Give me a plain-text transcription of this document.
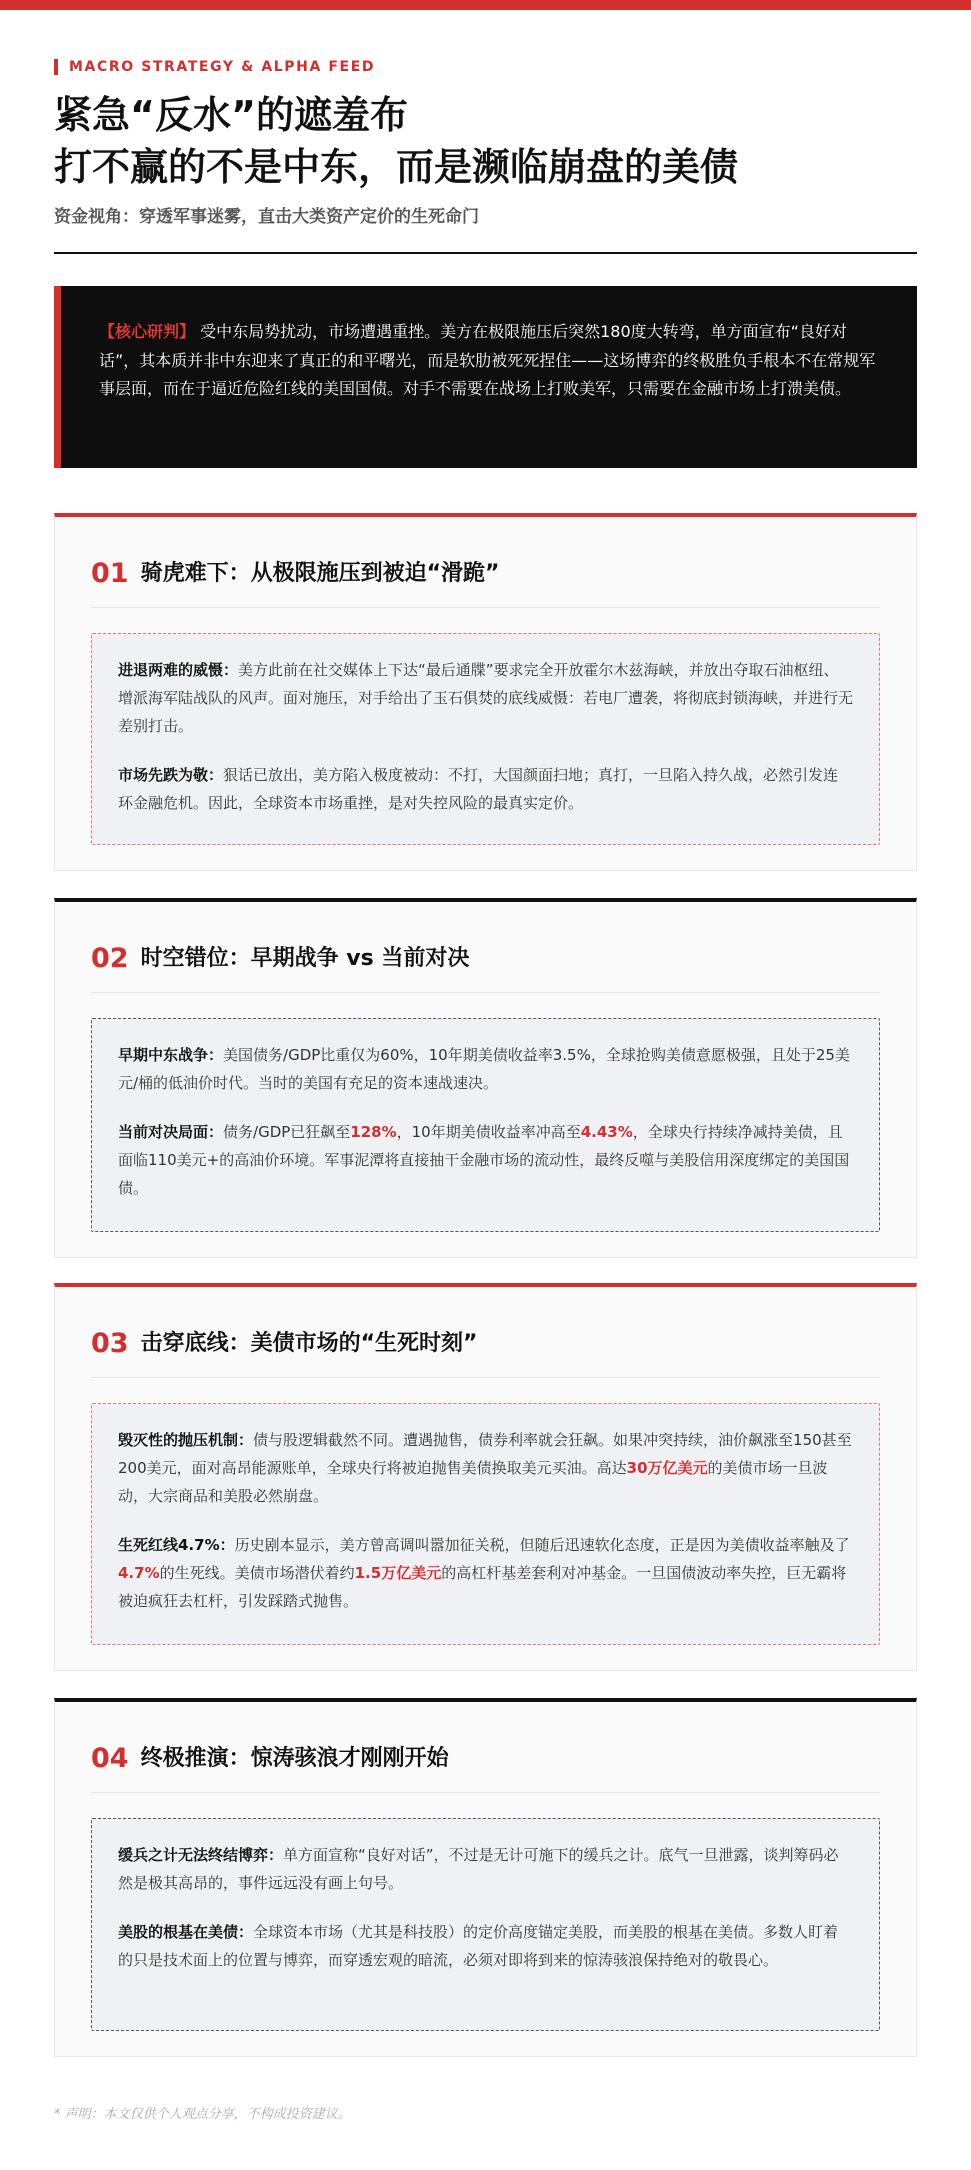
MACRO STRATEGY & ALPHA FEED
紧急“反水”的遮羞布
打不赢的不是中东，而是濒临崩盘的美债
资金视角：穿透军事迷雾，直击大类资产定价的生死命门
【核心研判】 受中东局势扰动，市场遭遇重挫。美方在极限施压后突然180度大转弯，单方面宣布“良好对话”，其本质并非中东迎来了真正的和平曙光，而是软肋被死死捏住——这场博弈的终极胜负手根本不在常规军事层面，而在于逼近危险红线的美国国债。对手不需要在战场上打败美军，只需要在金融市场上打溃美债。
01 骑虎难下：从极限施压到被迫“滑跪”

进退两难的威慑：美方此前在社交媒体上下达“最后通牒”要求完全开放霍尔木兹海峡，并放出夺取石油枢纽、增派海军陆战队的风声。面对施压，对手给出了玉石俱焚的底线威慑：若电厂遭袭，将彻底封锁海峡，并进行无差别打击。

市场先跌为敬：狠话已放出，美方陷入极度被动：不打，大国颜面扫地；真打，一旦陷入持久战，必然引发连环金融危机。因此，全球资本市场重挫，是对失控风险的最真实定价。

02 时空错位：早期战争 vs 当前对决

早期中东战争：美国债务/GDP比重仅为60%，10年期美债收益率3.5%，全球抢购美债意愿极强，且处于25美元/桶的低油价时代。当时的美国有充足的资本速战速决。

当前对决局面：债务/GDP已狂飙至128%，10年期美债收益率冲高至4.43%，全球央行持续净减持美债，且面临110美元+的高油价环境。军事泥潭将直接抽干金融市场的流动性，最终反噬与美股信用深度绑定的美国国债。

03 击穿底线：美债市场的“生死时刻”

毁灭性的抛压机制：债与股逻辑截然不同。遭遇抛售，债券利率就会狂飙。如果冲突持续，油价飙涨至150甚至200美元，面对高昂能源账单，全球央行将被迫抛售美债换取美元买油。高达30万亿美元的美债市场一旦波动，大宗商品和美股必然崩盘。

生死红线4.7%：历史剧本显示，美方曾高调叫嚣加征关税，但随后迅速软化态度，正是因为美债收益率触及了4.7%的生死线。美债市场潜伏着约1.5万亿美元的高杠杆基差套利对冲基金。一旦国债波动率失控，巨无霸将被迫疯狂去杠杆，引发踩踏式抛售。

04 终极推演：惊涛骇浪才刚刚开始

缓兵之计无法终结博弈：单方面宣称“良好对话”，不过是无计可施下的缓兵之计。底气一旦泄露，谈判筹码必然是极其高昂的，事件远远没有画上句号。

美股的根基在美债：全球资本市场（尤其是科技股）的定价高度锚定美股，而美股的根基在美债。多数人盯着的只是技术面上的位置与博弈，而穿透宏观的暗流，必须对即将到来的惊涛骇浪保持绝对的敬畏心。

* 声明：本文仅供个人观点分享，不构成投资建议。
